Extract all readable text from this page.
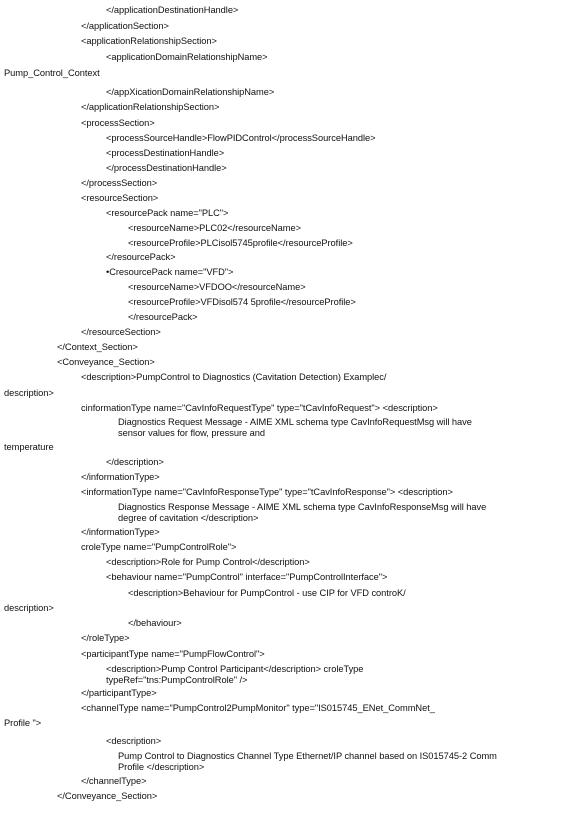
</applicationDestinationHandle>
</applicationSection>
<applicationRelationshipSection>
<applicationDomainRelationshipName>
Pump_Control_Context
</appXicationDomainRelationshipName>
</applicationRelationshipSection>
<processSection>
<processSourceHandle>FlowPIDControl</processSourceHandle>
<processDestinationHandle>
</processDestinationHandle>
</processSection>
<resourceSection>
<resourcePack name="PLC">
<resourceName>PLC02</resourceName>
<resourceProfile>PLCisol5745profile</resourceProfile>
</resourcePack>
•CresourcePack name="VFD">
<resourceName>VFDOO</resourceName>
<resourceProfile>VFDisol574 5profile</resourceProfile>
</resourcePack>
</resourceSection>
</Context_Section>
<Conveyance_Section>
<description>PumpControl to Diagnostics (Cavitation Detection) Examplec/
description>
cinformationType name="CavInfoRequestType" type="tCavInfoRequest"> <description>
Diagnostics Request Message - AIME XML schema type CavInfoRequestMsg will have
sensor values for flow, pressure and
temperature
</description>
</informationType>
<informationType name="CavInfoResponseType" type="tCavInfoResponse"> <description>
Diagnostics Response Message - AIME XML schema type CavInfoResponseMsg will have
degree of cavitation </description>
</informationType>
croleType name="PumpControlRole">
<description>Role for Pump Control</description>
<behaviour name="PumpControl" interface="PumpControlInterface">
<description>Behaviour for PumpControl - use CIP for VFD controK/
description>
</behaviour>
</roleType>
<participantType name="PumpFlowControl">
<description>Pump Control Participant</description> croleType
typeRef="tns:PumpControlRole" />
</participantType>
<channelType name="PumpControl2PumpMonitor" type="IS015745_ENet_CommNet_
Profile ">
<description>
Pump Control to Diagnostics Channel Type Ethernet/IP channel based on IS015745-2 Comm
Profile </description>
</channelType>
</Conveyance_Section>
